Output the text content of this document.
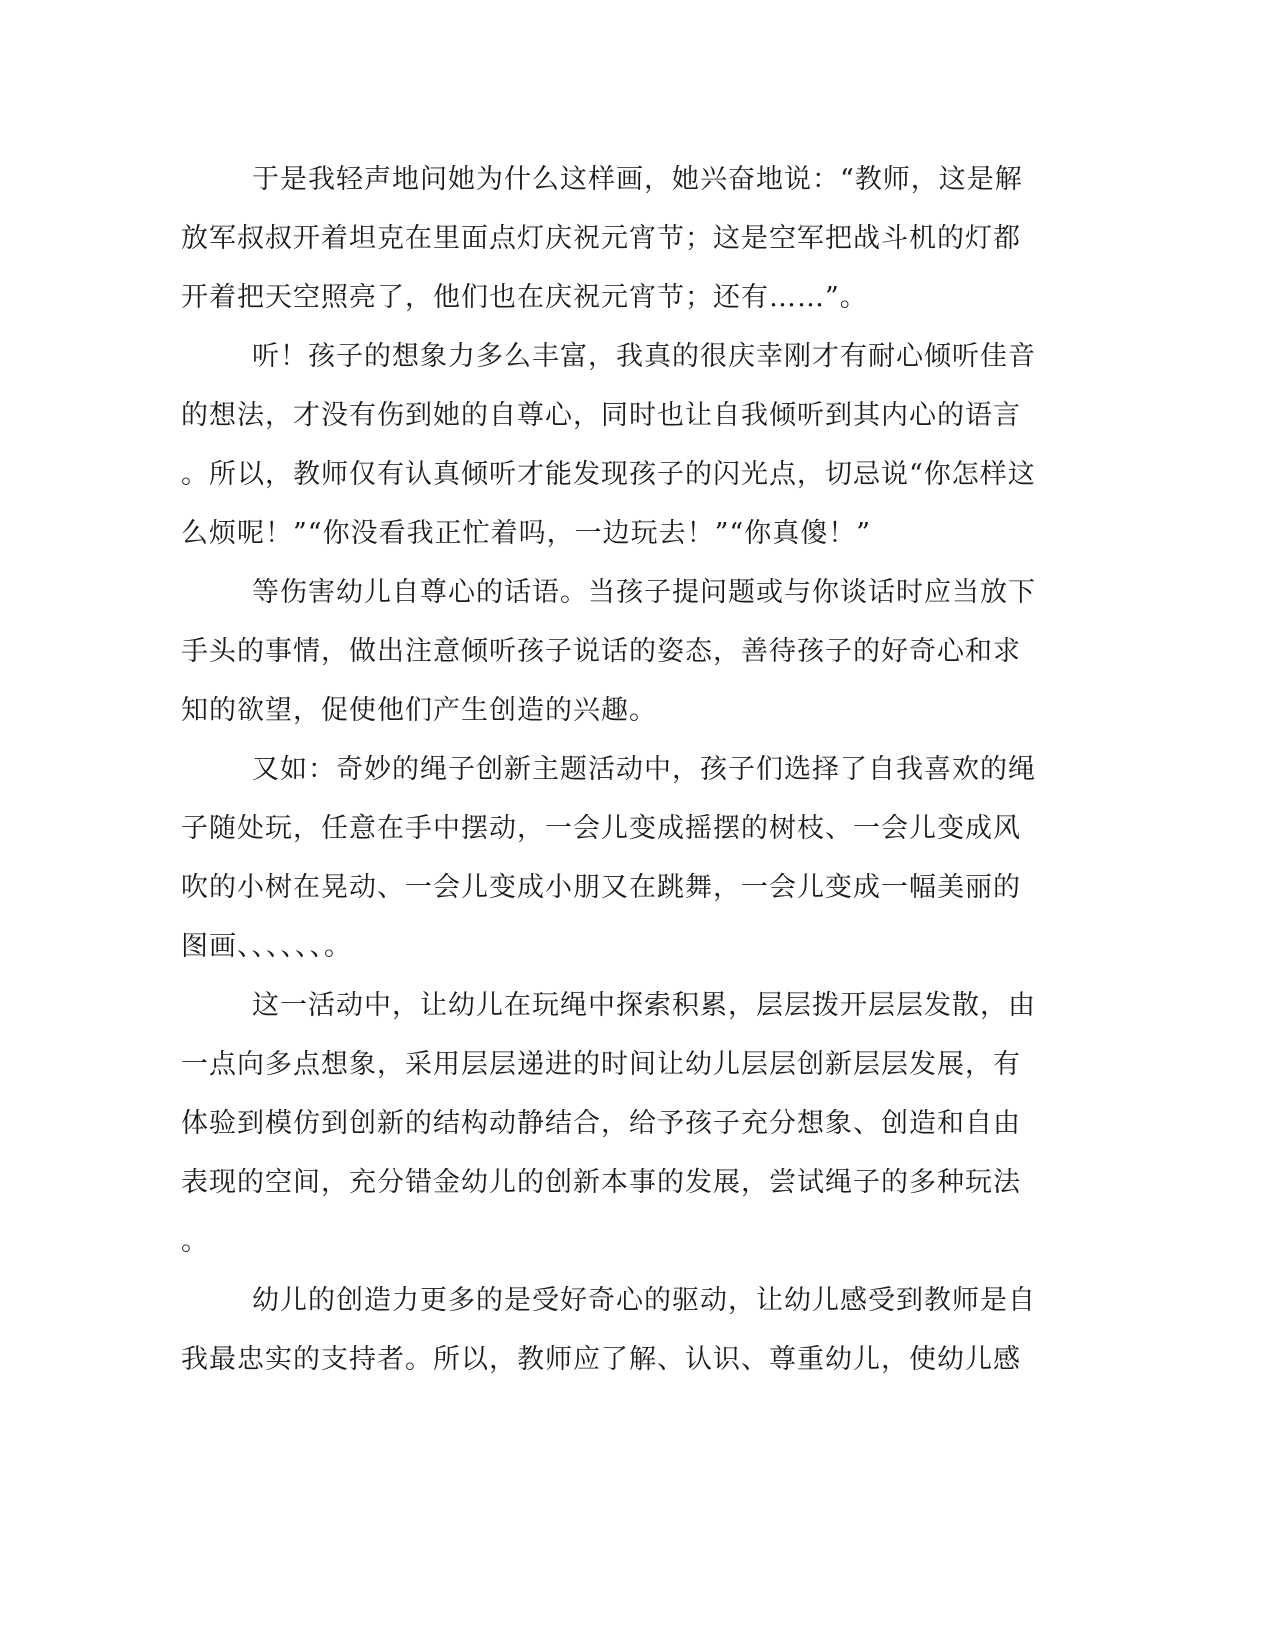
于是我轻声地问她为什么这样画，她兴奋地说：“教师，这是解
放军叔叔开着坦克在里面点灯庆祝元宵节；这是空军把战斗机的灯都
开着把天空照亮了，他们也在庆祝元宵节；还有……”。
听！孩子的想象力多么丰富，我真的很庆幸刚才有耐心倾听佳音
的想法，才没有伤到她的自尊心，同时也让自我倾听到其内心的语言
。所以，教师仅有认真倾听才能发现孩子的闪光点，切忌说“你怎样这
么烦呢！”“你没看我正忙着吗，一边玩去！”“你真傻！”
等伤害幼儿自尊心的话语。当孩子提问题或与你谈话时应当放下
手头的事情，做出注意倾听孩子说话的姿态，善待孩子的好奇心和求
知的欲望，促使他们产生创造的兴趣。
又如：奇妙的绳子创新主题活动中，孩子们选择了自我喜欢的绳
子随处玩，任意在手中摆动，一会儿变成摇摆的树枝、一会儿变成风
吹的小树在晃动、一会儿变成小朋又在跳舞，一会儿变成一幅美丽的
图画、、、、、、。
这一活动中，让幼儿在玩绳中探索积累，层层拨开层层发散，由
一点向多点想象，采用层层递进的时间让幼儿层层创新层层发展，有
体验到模仿到创新的结构动静结合，给予孩子充分想象、创造和自由
表现的空间，充分错金幼儿的创新本事的发展，尝试绳子的多种玩法
。
幼儿的创造力更多的是受好奇心的驱动，让幼儿感受到教师是自
我最忠实的支持者。所以，教师应了解、认识、尊重幼儿，使幼儿感
